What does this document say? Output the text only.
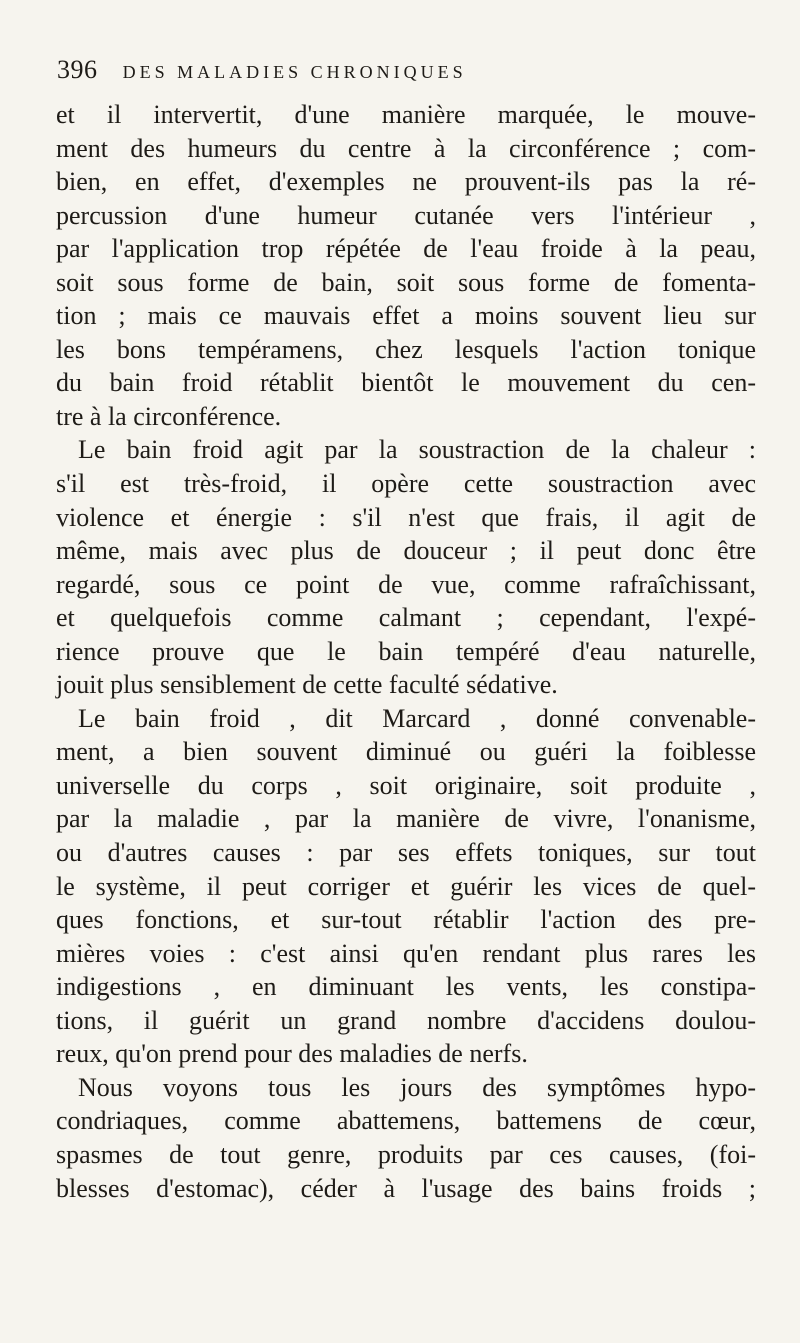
396 DES MALADIES CHRONIQUES
et il intervertit, d'une manière marquée, le mouve-
ment des humeurs du centre à la circonférence ; com-
bien, en effet, d'exemples ne prouvent-ils pas la ré-
percussion d'une humeur cutanée vers l'intérieur ,
par l'application trop répétée de l'eau froide à la peau,
soit sous forme de bain, soit sous forme de fomenta-
tion ; mais ce mauvais effet a moins souvent lieu sur
les bons tempéramens, chez lesquels l'action tonique
du bain froid rétablit bientôt le mouvement du cen-
tre à la circonférence.
Le bain froid agit par la soustraction de la chaleur :
s'il est très-froid, il opère cette soustraction avec
violence et énergie : s'il n'est que frais, il agit de
même, mais avec plus de douceur ; il peut donc être
regardé, sous ce point de vue, comme rafraîchissant,
et quelquefois comme calmant ; cependant, l'expé-
rience prouve que le bain tempéré d'eau naturelle,
jouit plus sensiblement de cette faculté sédative.
Le bain froid , dit Marcard , donné convenable-
ment, a bien souvent diminué ou guéri la foiblesse
universelle du corps , soit originaire, soit produite ,
par la maladie , par la manière de vivre, l'onanisme,
ou d'autres causes : par ses effets toniques, sur tout
le système, il peut corriger et guérir les vices de quel-
ques fonctions, et sur-tout rétablir l'action des pre-
mières voies : c'est ainsi qu'en rendant plus rares les
indigestions , en diminuant les vents, les constipa-
tions, il guérit un grand nombre d'accidens doulou-
reux, qu'on prend pour des maladies de nerfs.
Nous voyons tous les jours des symptômes hypo-
condriaques, comme abattemens, battemens de cœur,
spasmes de tout genre, produits par ces causes, (foi-
blesses d'estomac), céder à l'usage des bains froids ;
